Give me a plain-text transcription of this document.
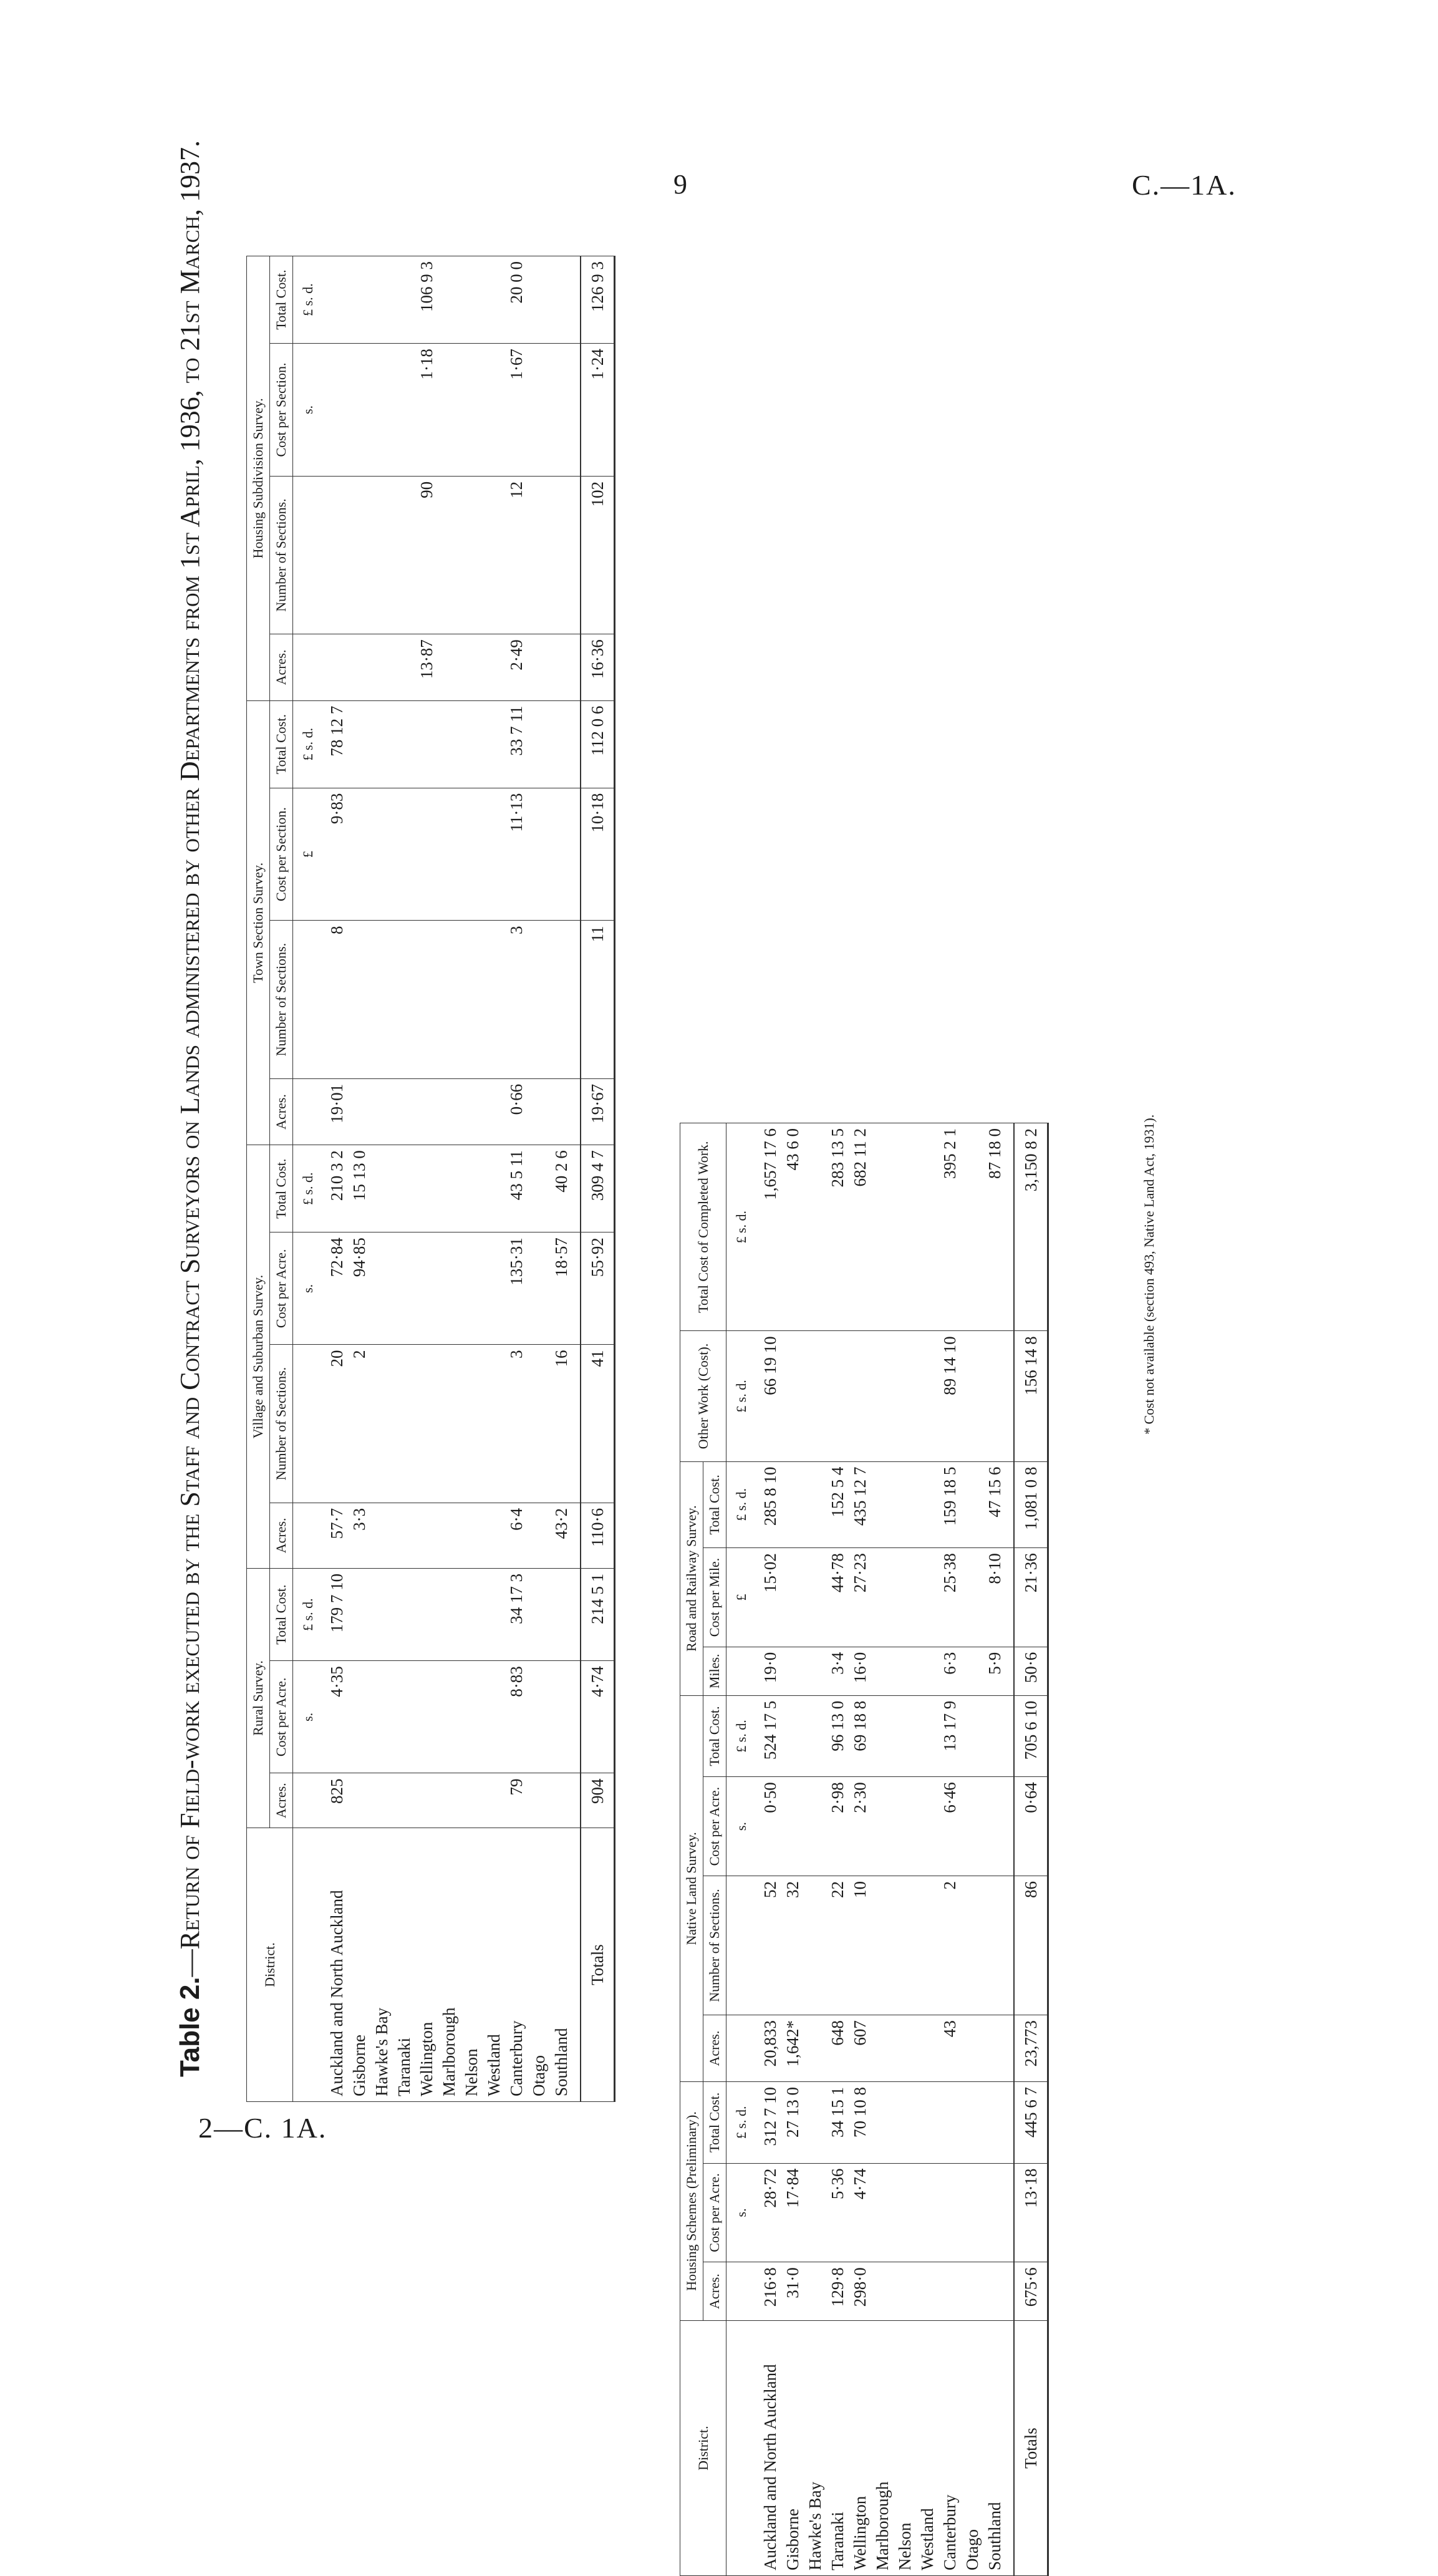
9	C.—1A.
2—C. 1A.
Table 2.—Return of Field-work executed by the Staff and Contract Surveyors on Lands administered by other Departments from 1st April, 1936, to 21st March, 1937.	District.	Rural Survey.			Village and Suburban Survey.				Town Section Survey.				Housing Subdivision Survey.			
	Acres.	Cost per Acre.	Total Cost.	Acres.	Number of Sections.	Cost per Acre.	Total Cost.	Acres.	Number of Sections.	Cost per Section.	Total Cost.	Acres.	Number of Sections.	Cost per Section.	Total Cost.
		s.	£ s. d.			s.	£ s. d.			£	£ s. d.			s.	£ s. d.
Auckland and North Auckland	825	4·35	179 7 10	57·7	20	72·84	210 3 2	19·01	8	9·83	78 12 7				
Gisborne				3·3	2	94·85	15 13 0								
Hawke's Bay															
Taranaki															
Wellington												13·87	90	1·18	106 9 3
Marlborough															
Nelson															
Westland															
Canterbury	79	8·83	34 17 3	6·4	3	135·31	43 5 11	0·66	3	11·13	33 7 11	2·49	12	1·67	20 0 0
Otago															
Southland				43·2	16	18·57	40 2 6								
Totals	904	4·74	214 5 1	110·6	41	55·92	309 4 7	19·67	11	10·18	112 0 6	16·36	102	1·24	126 9 3
District.	Housing Schemes (Preliminary).			Native Land Survey.				Road and Railway Survey.			Other Work (Cost).	Total Cost of Completed Work.
	Acres.	Cost per Acre.	Total Cost.	Acres.	Number of Sections.	Cost per Acre.	Total Cost.	Miles.	Cost per Mile.	Total Cost.		
		s.	£ s. d.			s.	£ s. d.		£	£ s. d.	£ s. d.	£ s. d.
Auckland and North Auckland	216·8	28·72	312 7 10	20,833	52	0·50	524 17 5	19·0	15·02	285 8 10	66 19 10	1,657 17 6
Gisborne	31·0	17·84	27 13 0	1,642*	32							43 6 0
Hawke's Bay												
Taranaki	129·8	5·36	34 15 1	648	22	2·98	96 13 0	3·4	44·78	152 5 4		283 13 5
Wellington	298·0	4·74	70 10 8	607	10	2·30	69 18 8	16·0	27·23	435 12 7		682 11 2
Marlborough												
Nelson												
Westland												
Canterbury				43	2	6·46	13 17 9	6·3	25·38	159 18 5	89 14 10	395 2 1
Otago												
Southland								5·9	8·10	47 15 6		87 18 0
Totals	675·6	13·18	445 6 7	23,773	86	0·64	705 6 10	50·6	21·36	1,081 0 8	156 14 8	3,150 8 2	* Cost not available (section 493, Native Land Act, 1931).
